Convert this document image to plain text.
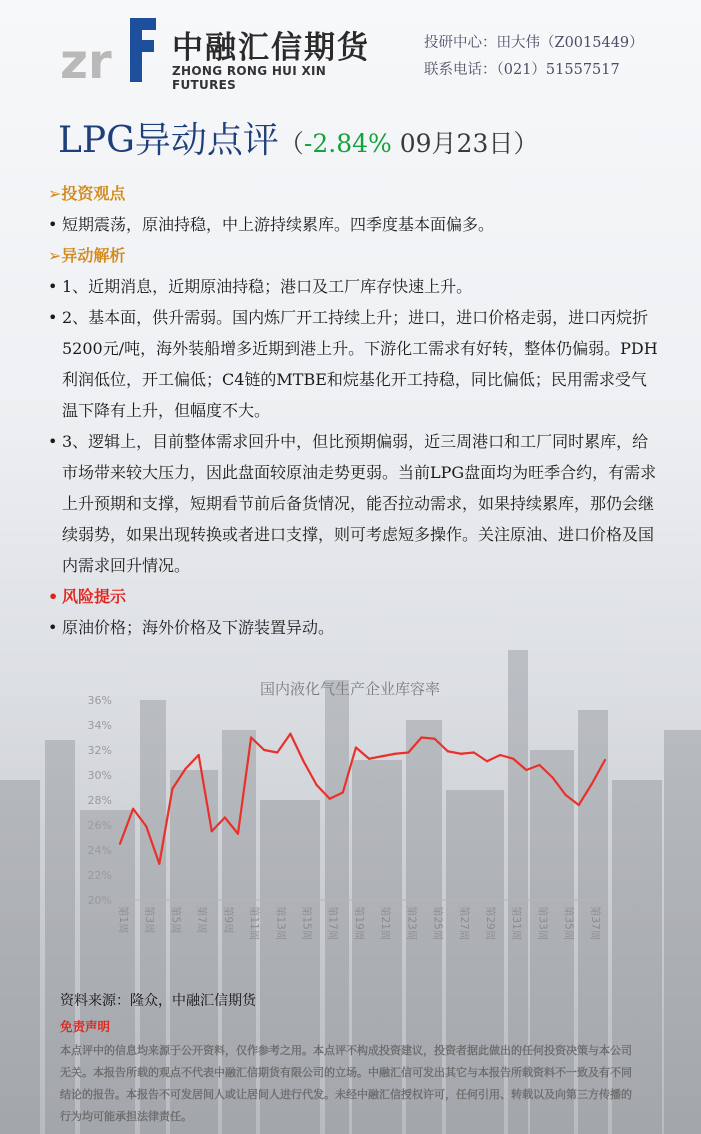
zr 中融汇信期货
ZHONG RONG HUI XIN FUTURES
投研中心：田大伟（Z0015449）
联系电话：（021）51557517
LPG异动点评（-2.84% 09月23日）

➢投资观点

• 短期震荡，原油持稳，中上游持续累库。四季度基本面偏多。

➢异动解析

• 1、近期消息，近期原油持稳；港口及工厂库存快速上升。

• 2、基本面，供升需弱。国内炼厂开工持续上升；进口，进口价格走弱，进口丙烷折5200元/吨，海外装船增多近期到港上升。下游化工需求有好转，整体仍偏弱。PDH利润低位，开工偏低；C4链的MTBE和烷基化开工持稳，同比偏低；民用需求受气温下降有上升，但幅度不大。

• 3、逻辑上，目前整体需求回升中，但比预期偏弱，近三周港口和工厂同时累库，给市场带来较大压力，因此盘面较原油走势更弱。当前LPG盘面均为旺季合约，有需求上升预期和支撑，短期看节前后备货情况，能否拉动需求，如果持续累库，那仍会继续弱势，如果出现转换或者进口支撑，则可考虑短多操作。关注原油、进口价格及国内需求回升情况。

• 风险提示

• 原油价格；海外价格及下游装置异动。

国内液化气生产企业库容率
20%
22%
24%
26%
28%
30%
32%
34%
36%
第1周 第3周 第5周 第7周 第9周 第11周 第13周 第15周 第17周 第19周 第21周 第23周 第25周 第27周 第29周 第31周 第33周 第35周 第37周
资料来源：隆众，中融汇信期货
免责声明
本点评中的信息均来源于公开资料，仅作参考之用。本点评不构成投资建议，投资者据此做出的任何投资决策与本公司无关。本报告所载的观点不代表中融汇信期货有限公司的立场。中融汇信可发出其它与本报告所载资料不一致及有不同结论的报告。本报告不可发居间人或让居间人进行代发。未经中融汇信授权许可，任何引用、转载以及向第三方传播的行为均可能承担法律责任。
